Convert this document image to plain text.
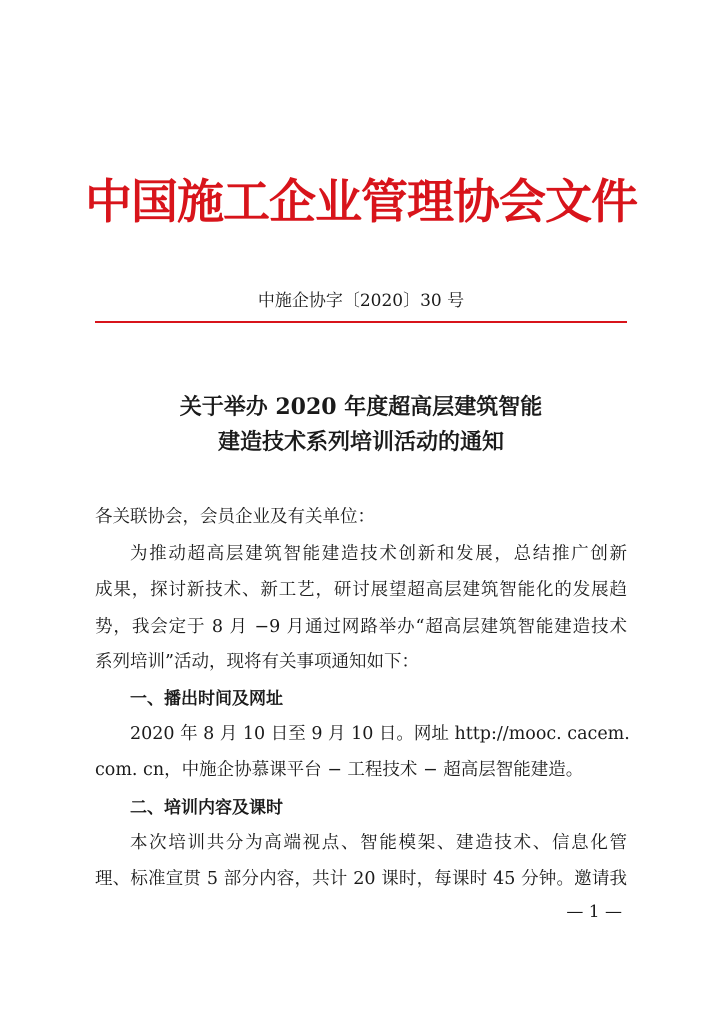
中国施工企业管理协会文件
中施企协字〔2020〕30 号
关于举办 2020 年度超高层建筑智能
建造技术系列培训活动的通知
各关联协会，会员企业及有关单位：
为推动超高层建筑智能建造技术创新和发展，总结推广创新
成果，探讨新技术、新工艺，研讨展望超高层建筑智能化的发展趋
势，我会定于 8 月 −9 月通过网路举办“超高层建筑智能建造技术
系列培训”活动，现将有关事项通知如下：
一、播出时间及网址
2020 年 8 月 10 日至 9 月 10 日。网址 http://mooc. cacem.
com. cn，中施企协慕课平台 − 工程技术 − 超高层智能建造。
二、培训内容及课时
本次培训共分为高端视点、智能模架、建造技术、信息化管
理、标准宣贯 5 部分内容，共计 20 课时，每课时 45 分钟。邀请我
— 1 —
